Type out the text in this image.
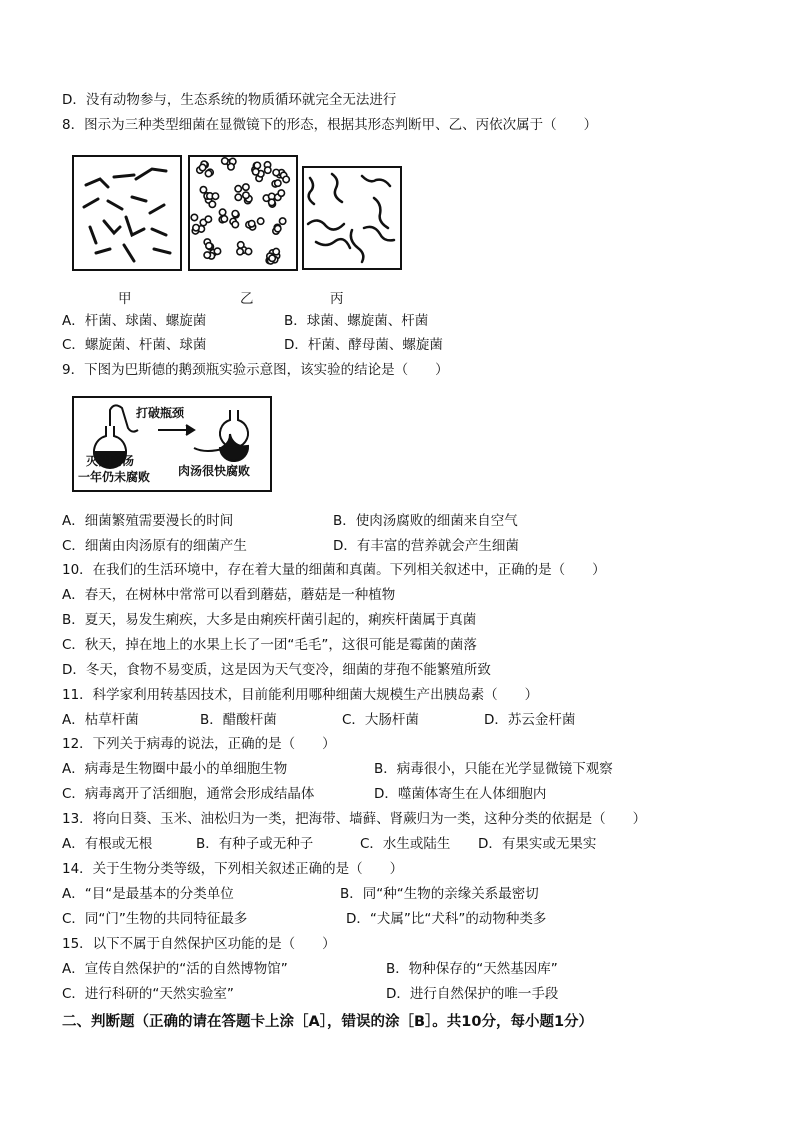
D．没有动物参与，生态系统的物质循环就完全无法进行
8．图示为三种类型细菌在显微镜下的形态，根据其形态判断甲、乙、丙依次属于（　　）
甲	乙	丙
A．杆菌、球菌、螺旋菌	B．球菌、螺旋菌、杆菌
C．螺旋菌、杆菌、球菌	D．杆菌、酵母菌、螺旋菌
9．下图为巴斯德的鹅颈瓶实验示意图，该实验的结论是（　　）
打破瓶颈
灭菌肉汤
一年仍未腐败 肉汤很快腐败
A．细菌繁殖需要漫长的时间	B．使肉汤腐败的细菌来自空气
C．细菌由肉汤原有的细菌产生	D．有丰富的营养就会产生细菌
10．在我们的生活环境中，存在着大量的细菌和真菌。下列相关叙述中，正确的是（　　）
A．春天，在树林中常常可以看到蘑菇，蘑菇是一种植物
B．夏天，易发生痢疾，大多是由痢疾杆菌引起的，痢疾杆菌属于真菌
C．秋天，掉在地上的水果上长了一团“毛毛”，这很可能是霉菌的菌落
D．冬天，食物不易变质，这是因为天气变冷，细菌的芽孢不能繁殖所致
11．科学家利用转基因技术，目前能利用哪种细菌大规模生产出胰岛素（　　）
A．枯草杆菌	B．醋酸杆菌	C．大肠杆菌	D．苏云金杆菌
12．下列关于病毒的说法，正确的是（　　）
A．病毒是生物圈中最小的单细胞生物	B．病毒很小，只能在光学显微镜下观察
C．病毒离开了活细胞，通常会形成结晶体	D．噬菌体寄生在人体细胞内
13．将向日葵、玉米、油松归为一类，把海带、墙藓、肾蕨归为一类，这种分类的依据是（　　）
A．有根或无根	B．有种子或无种子	C．水生或陆生 D．有果实或无果实
14．关于生物分类等级，下列相关叙述正确的是（　　）
A．“目“是最基本的分类单位	B．同“种“生物的亲缘关系最密切
C．同“门”生物的共同特征最多	D．“犬属”比“犬科”的动物种类多
15．以下不属于自然保护区功能的是（　　）
A．宣传自然保护的“活的自然博物馆”	B．物种保存的“天然基因库”
C．进行科研的“天然实验室”	D．进行自然保护的唯一手段
二、判断题（正确的请在答题卡上涂［A］，错误的涂［B］。共10分，每小题1分）
